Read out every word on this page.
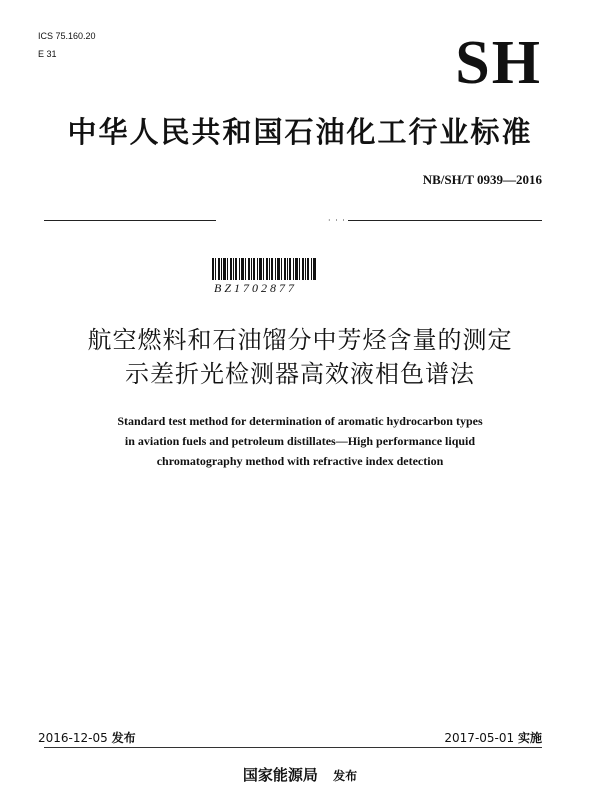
ICS 75.160.20
E 31	SH
中华人民共和国石油化工行业标准
NB/SH/T 0939—2016
· · ·
BZ1702877
航空燃料和石油馏分中芳烃含量的测定
示差折光检测器高效液相色谱法
Standard test method for determination of aromatic hydrocarbon types
in aviation fuels and petroleum distillates—High performance liquid
chromatography method with refractive index detection
2016-12-05 发布	2017-05-01 实施
国家能源局 发布
